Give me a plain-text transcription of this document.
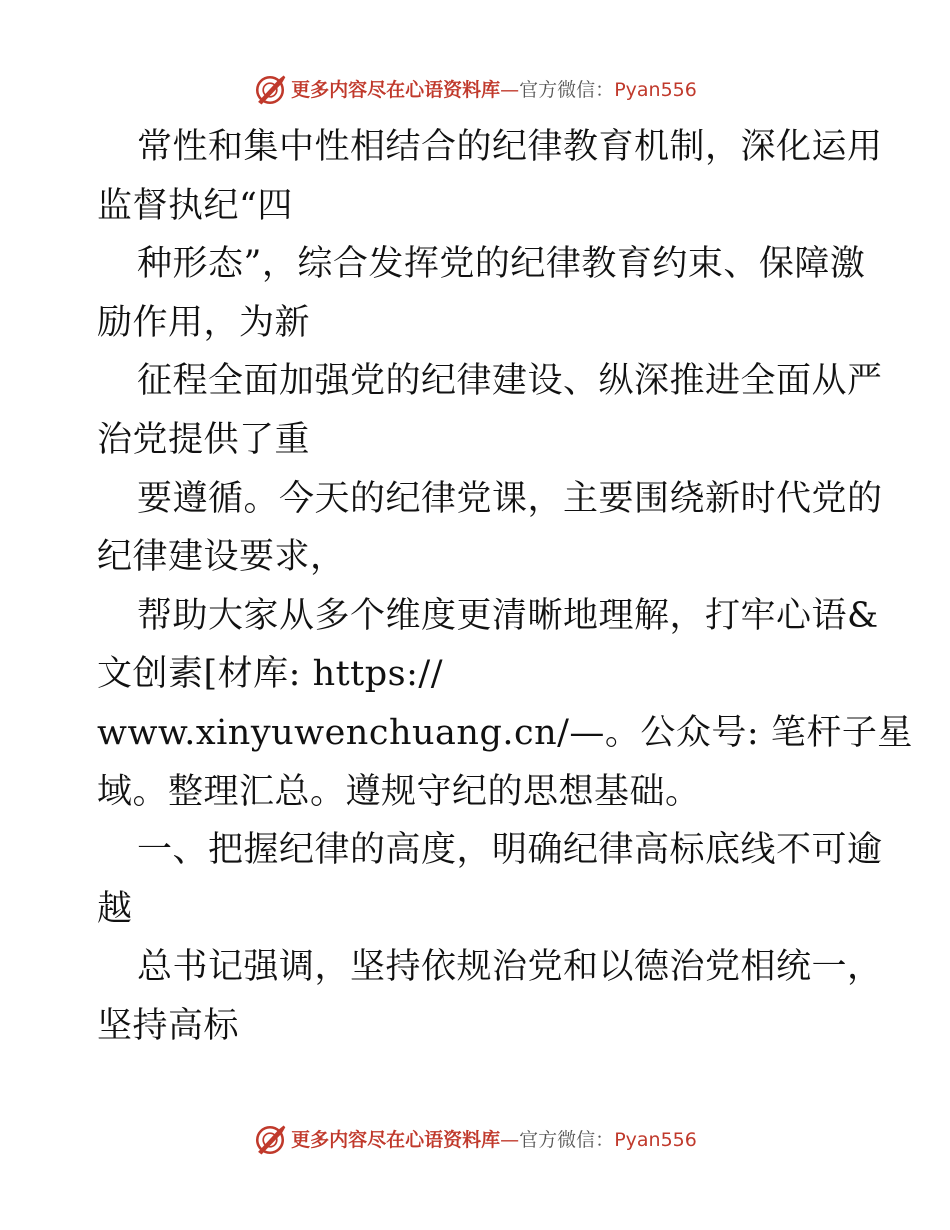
更多内容尽在心语资料库—官方微信：Pyan556
常性和集中性相结合的纪律教育机制，深化运用
监督执纪“四
种形态”，综合发挥党的纪律教育约束、保障激
励作用，为新
征程全面加强党的纪律建设、纵深推进全面从严
治党提供了重
要遵循。今天的纪律党课，主要围绕新时代党的
纪律建设要求，
帮助大家从多个维度更清晰地理解，打牢心语&
文创素[材库: https://
www.xinyuwenchuang.cn/—。公众号: 笔杆子星
域。整理汇总。遵规守纪的思想基础。
一、把握纪律的高度，明确纪律高标底线不可逾
越
总书记强调，坚持依规治党和以德治党相统一，
坚持高标
更多内容尽在心语资料库—官方微信：Pyan556
